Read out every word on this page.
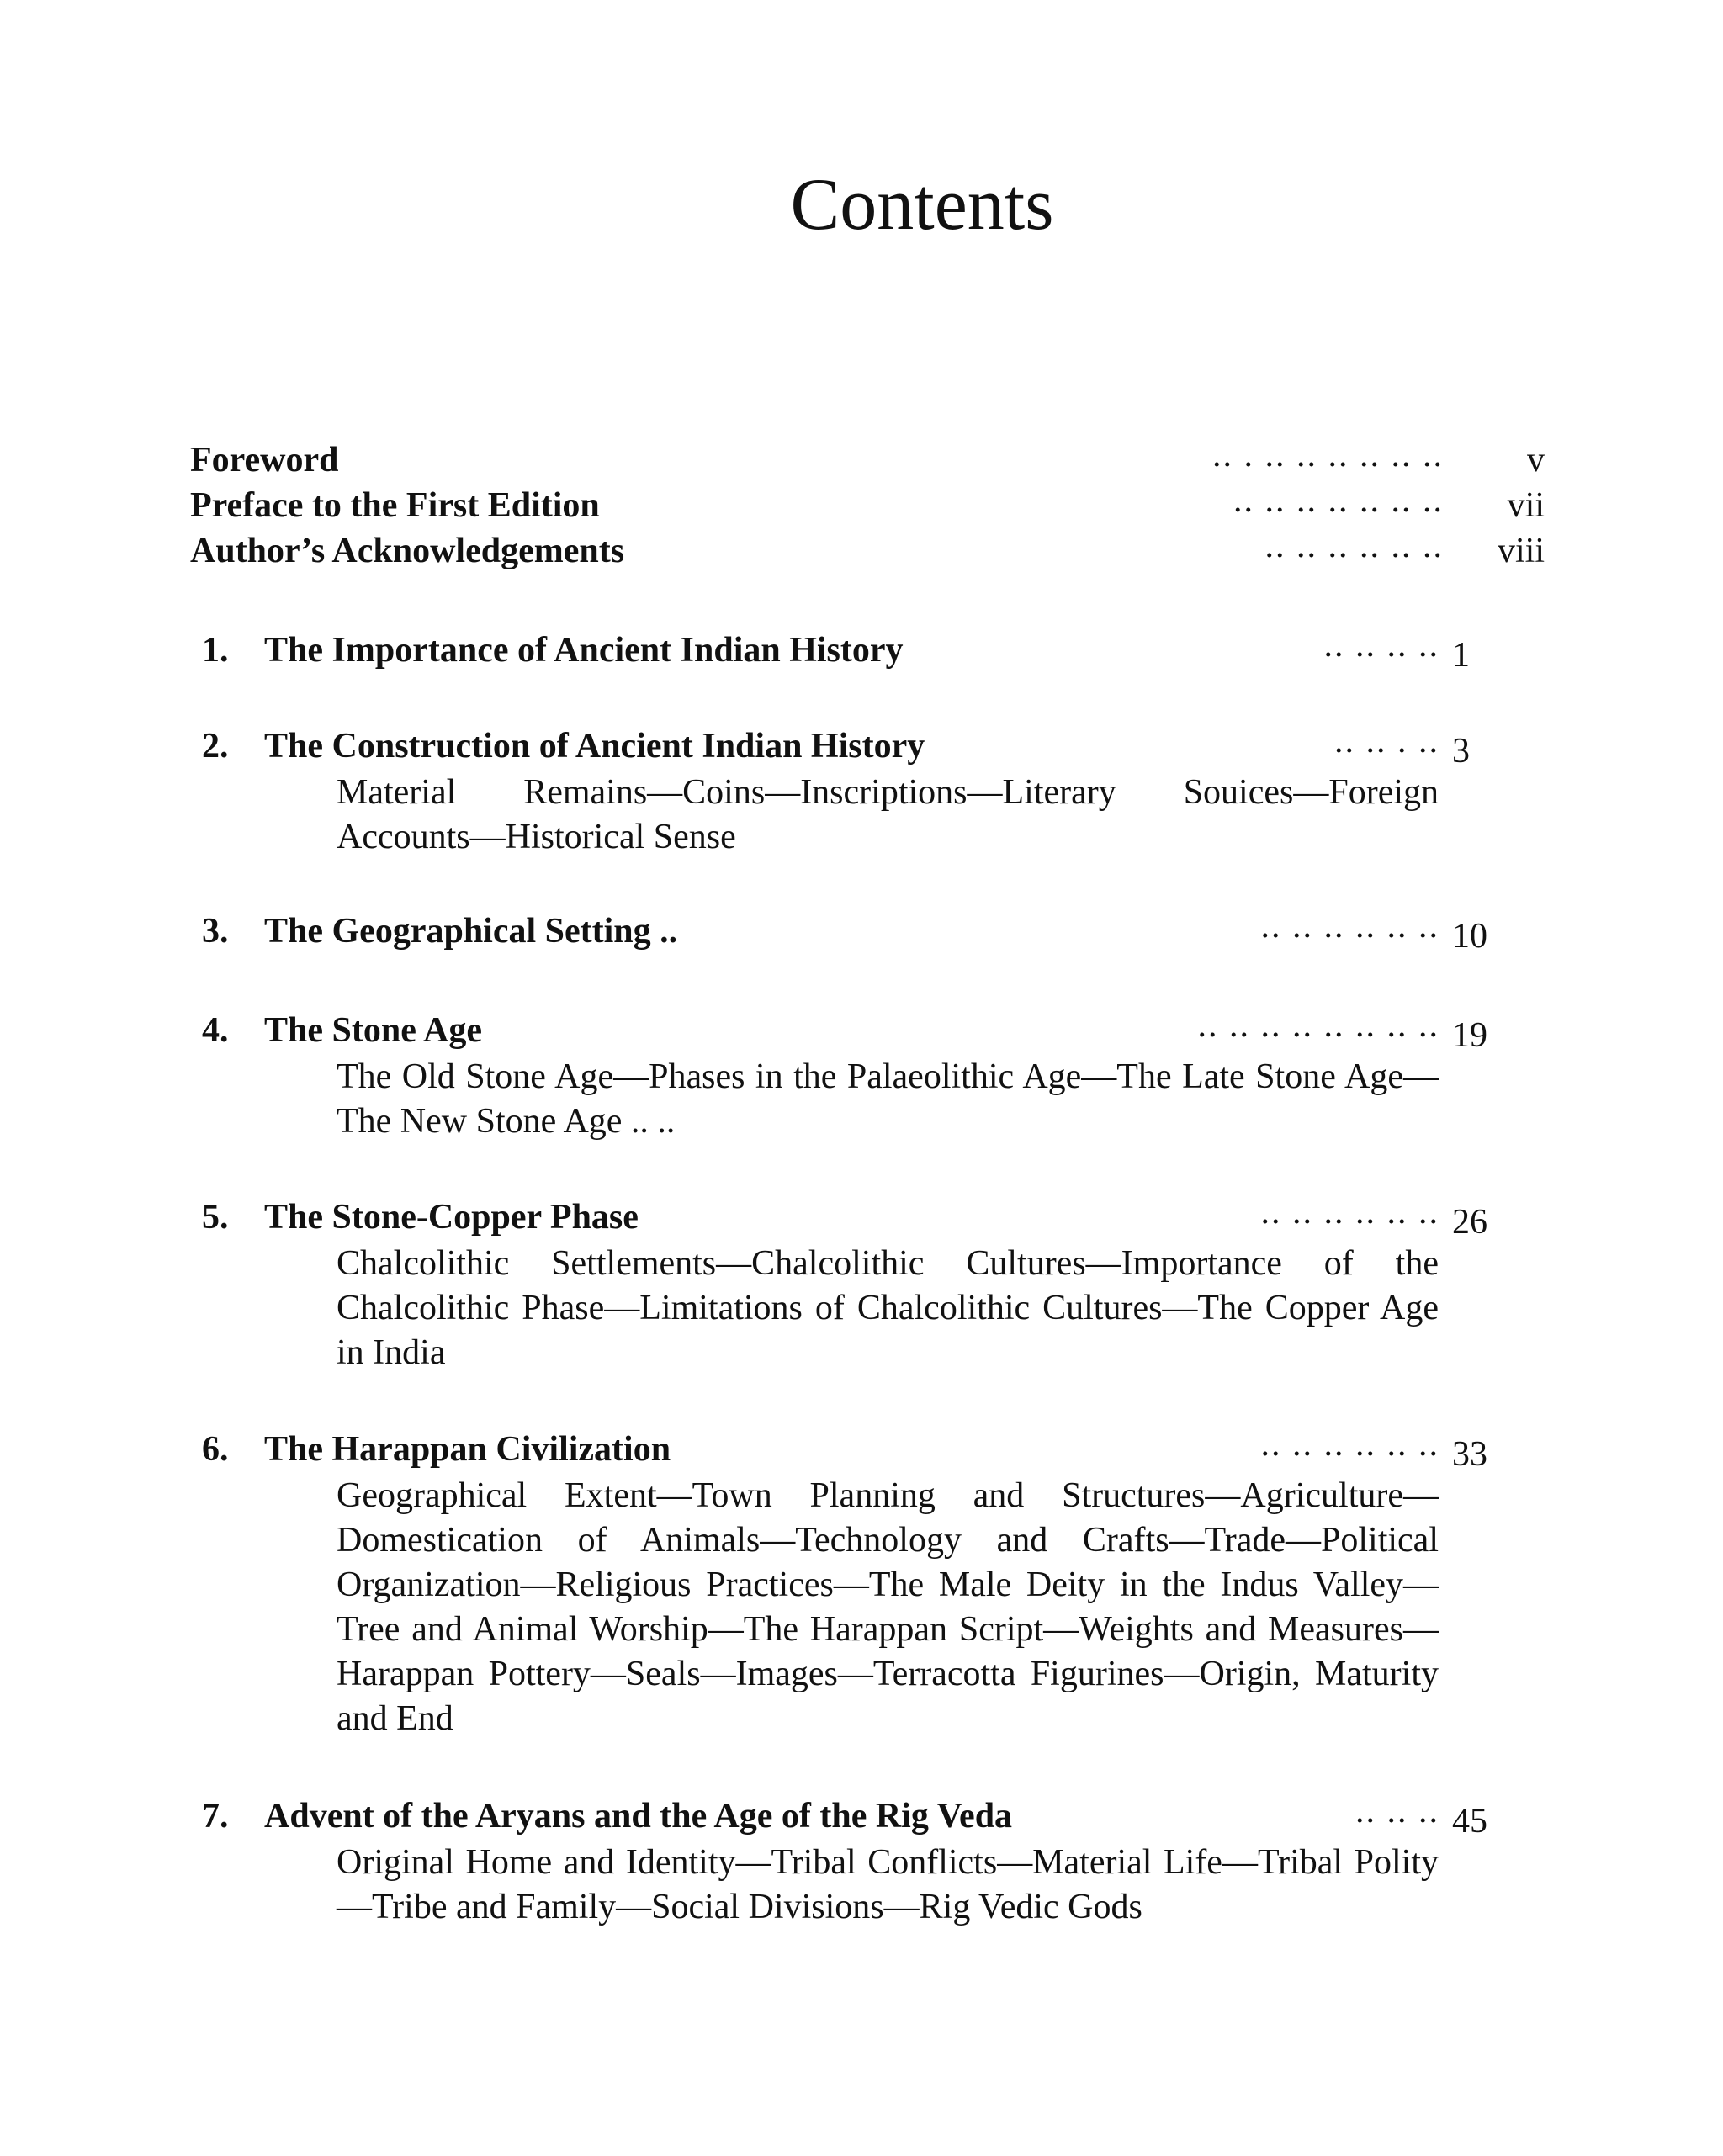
Contents
Foreword	.. . .. .. .. .. .. ..	v
Preface to the First Edition	.. .. .. .. .. .. ..	vii
Author’s Acknowledgements	.. .. .. .. .. ..	viii
1. The Importance of Ancient Indian History	.. .. .. .. 1
2. The Construction of Ancient Indian History	.. .. . .. 3
Material Remains—Coins—Inscriptions—Literary Souices—Foreign Accounts—Historical Sense
3. The Geographical Setting ..	.. .. .. .. .. .. 10
4. The Stone Age	.. .. .. .. .. .. .. .. 19
The Old Stone Age—Phases in the Palaeolithic Age—The Late Stone Age—The New Stone Age .. ..
5. The Stone-Copper Phase	.. .. .. .. .. .. 26
Chalcolithic Settlements—Chalcolithic Cultures—Importance of the Chalcolithic Phase—Limitations of Chalcolithic Cultures—The Copper Age in India
6. The Harappan Civilization	.. .. .. .. .. .. 33
Geographical Extent—Town Planning and Structures—Agriculture—Domestication of Animals—Technology and Crafts—Trade—Political Organization—Religious Practices—The Male Deity in the Indus Valley—Tree and Animal Worship—The Harappan Script—Weights and Measures—Harappan Pottery—Seals—Images—Terracotta Figurines—Origin, Maturity and End
7. Advent of the Aryans and the Age of the Rig Veda	.. .. .. 45
Original Home and Identity—Tribal Conflicts—Material Life—Tribal Polity—Tribe and Family—Social Divisions—Rig Vedic Gods
